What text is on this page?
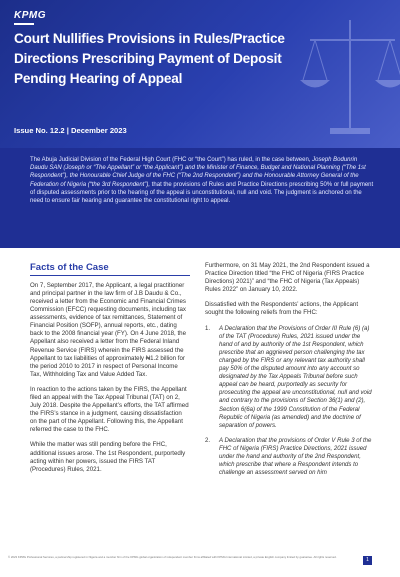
KPMG
Court Nullifies Provisions in Rules/Practice Directions Prescribing Payment of Deposit Pending Hearing of Appeal
Issue No. 12.2 | December 2023

The Abuja Judicial Division of the Federal High Court (FHC or “the Court”) has ruled, in the case between, Joseph Bodunrin Daudu SAN (Joseph or “The Appellant” or “the Applicant”) and the Minister of Finance, Budget and National Planning (“The 1st Respondent”), the Honourable Chief Judge of the FHC (“The 2nd Respondent”) and the Honourable Attorney General of the Federation of Nigeria (“the 3rd Respondent”), that the provisions of Rules and Practice Directions prescribing 50% or full payment of disputed assessments prior to the hearing of the appeal is unconstitutional, null and void. The judgment is anchored on the need to ensure fair hearing and guarantee the constitutional right to appeal.

Facts of the Case

On 7, September 2017, the Applicant, a legal practitioner and principal partner in the law firm of J.B Daudu & Co., received a letter from the Economic and Financial Crimes Commission (EFCC) requesting documents, including tax assessments, evidence of tax remittances, Statement of Financial Position (SOFP), annual reports, etc., dating back to the 2008 financial year (FY). On 4 June 2018, the Appellant also received a letter from the Federal Inland Revenue Service (FIRS) wherein the FIRS assessed the Appellant to tax liabilities of approximately ₦1.2 billion for the period 2010 to 2017 in respect of Personal Income Tax, Withholding Tax and Value Added Tax.

In reaction to the actions taken by the FIRS, the Appellant filed an appeal with the Tax Appeal Tribunal (TAT) on 2, July 2018. Despite the Appellant’s efforts, the TAT affirmed the FIRS’s stance in a judgment, causing dissatisfaction on the part of the Appellant. Following this, the Appellant referred the case to the FHC.

While the matter was still pending before the FHC, additional issues arose. The 1st Respondent, purportedly acting within her powers, issued the FIRS TAT (Procedures) Rules, 2021.

Furthermore, on 31 May 2021, the 2nd Respondent issued a Practice Direction titled “the FHC of Nigeria (FIRS Practice Directions) 2021)” and “the FHC of Nigeria (Tax Appeals) Rules 2022” on January 10, 2022.

Dissatisfied with the Respondents’ actions, the Applicant sought the following reliefs from the FHC:

1. A Declaration that the Provisions of Order III Rule (6) (a) of the TAT (Procedure) Rules, 2021 issued under the hand of and by authority of the 1st Respondent, which prescribe that an aggrieved person challenging the tax charged by the FIRS or any relevant tax authority shall pay 50% of the disputed amount into any account so designated by the Tax Appeals Tribunal before such appeal can be heard, purportedly as security for prosecuting the appeal are unconstitutional, null and void and contrary to the provisions of Section 36(1) and (2), Section 6(6a) of the 1999 Constitution of the Federal Republic of Nigeria (as amended) and the doctrine of separation of powers.
2. A Declaration that the provisions of Order V Rule 3 of the FHC of Nigeria (FIRS) Practice Directions, 2021 issued under the hand and authority of the 2nd Respondent, which prescribe that where a Respondent intends to challenge an assessment served on him
© 2023 KPMG Professional Services, a partnership registered in Nigeria and a member firm of the KPMG global organization of independent member firms affiliated with KPMG International Limited, a private English company limited by guarantee. All rights reserved.	1
